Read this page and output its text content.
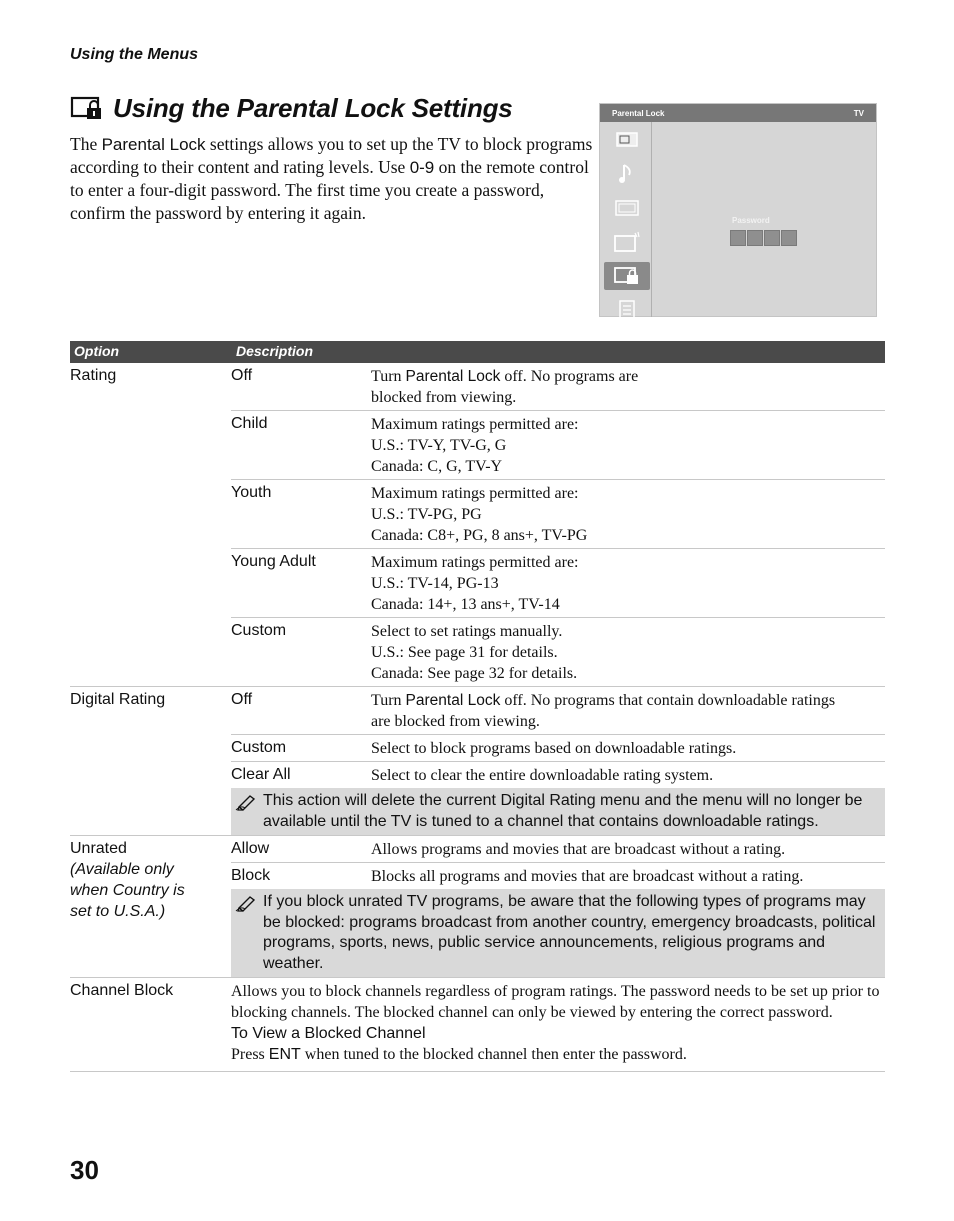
Using the Menus
Using the Parental Lock Settings
The Parental Lock settings allows you to set up the TV to block programs according to their content and rating levels. Use 0-9 on the remote control to enter a four-digit password. The first time you create a password, confirm the password by entering it again.
Parental Lock	TV
Password
Option	Description
Rating	Off	Turn Parental Lock off. No programs are
blocked from viewing.
Child	Maximum ratings permitted are:
U.S.: TV-Y, TV-G, G
Canada: C, G, TV-Y
Youth	Maximum ratings permitted are:
U.S.: TV-PG, PG
Canada: C8+, PG, 8 ans+, TV-PG
Young Adult	Maximum ratings permitted are:
U.S.: TV-14, PG-13
Canada: 14+, 13 ans+, TV-14
Custom	Select to set ratings manually.
U.S.: See page 31 for details.
Canada: See page 32 for details.
Digital Rating	Off	Turn Parental Lock off. No programs that contain downloadable ratings
are blocked from viewing.
Custom	Select to block programs based on downloadable ratings.
Clear All	Select to clear the entire downloadable rating system.
This action will delete the current Digital Rating menu and the menu will no longer be available until the TV is tuned to a channel that contains downloadable ratings.
Unrated

(Available only when Country is set to U.S.A.)
Allow	Allows programs and movies that are broadcast without a rating.
Block	Blocks all programs and movies that are broadcast without a rating.
If you block unrated TV programs, be aware that the following types of programs may be blocked: programs broadcast from another country, emergency broadcasts, political programs, sports, news, public service announcements, religious programs and weather.
Channel Block	Allows you to block channels regardless of program ratings. The password needs to be set up prior to blocking channels. The blocked channel can only be viewed by entering the correct password.
To View a Blocked Channel
Press ENT when tuned to the blocked channel then enter the password.
30
